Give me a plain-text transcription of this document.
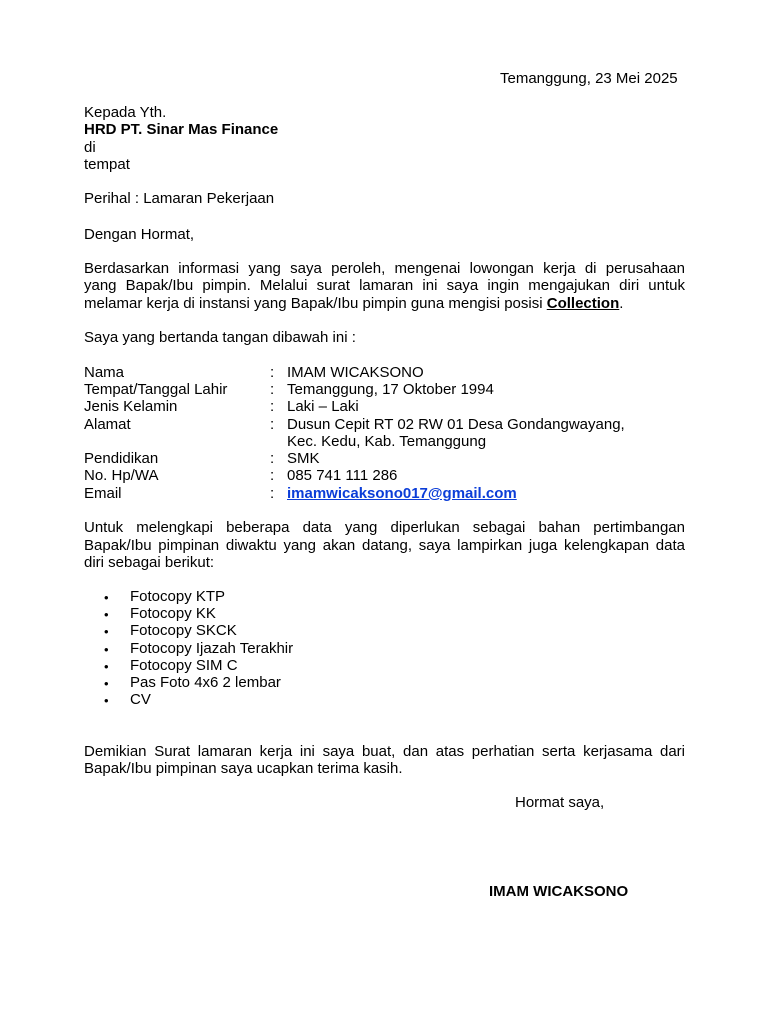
Temanggung, 23 Mei 2025
Kepada Yth.
HRD PT. Sinar Mas Finance
di
tempat
Perihal : Lamaran Pekerjaan
Dengan Hormat,
Berdasarkan informasi yang saya peroleh, mengenai lowongan kerja di perusahaan
yang Bapak/Ibu pimpin. Melalui surat lamaran ini saya ingin mengajukan diri untuk
melamar kerja di instansi yang Bapak/Ibu pimpin guna mengisi posisi Collection.
Saya yang bertanda tangan dibawah ini :
Nama	: IMAM WICAKSONO
Tempat/Tanggal Lahir	: Temanggung, 17 Oktober 1994
Jenis Kelamin	: Laki – Laki
Alamat	: Dusun Cepit RT 02 RW 01 Desa Gondangwayang,
Kec. Kedu, Kab. Temanggung
Pendidikan	: SMK
No. Hp/WA	: 085 741 111 286
Email	: imamwicaksono017@gmail.com
Untuk melengkapi beberapa data yang diperlukan sebagai bahan pertimbangan
Bapak/Ibu pimpinan diwaktu yang akan datang, saya lampirkan juga kelengkapan data
diri sebagai berikut:
• Fotocopy KTP
• Fotocopy KK
• Fotocopy SKCK
• Fotocopy Ijazah Terakhir
• Fotocopy SIM C
• Pas Foto 4x6 2 lembar
• CV
Demikian Surat lamaran kerja ini saya buat, dan atas perhatian serta kerjasama dari
Bapak/Ibu pimpinan saya ucapkan terima kasih.
Hormat saya,
IMAM WICAKSONO
